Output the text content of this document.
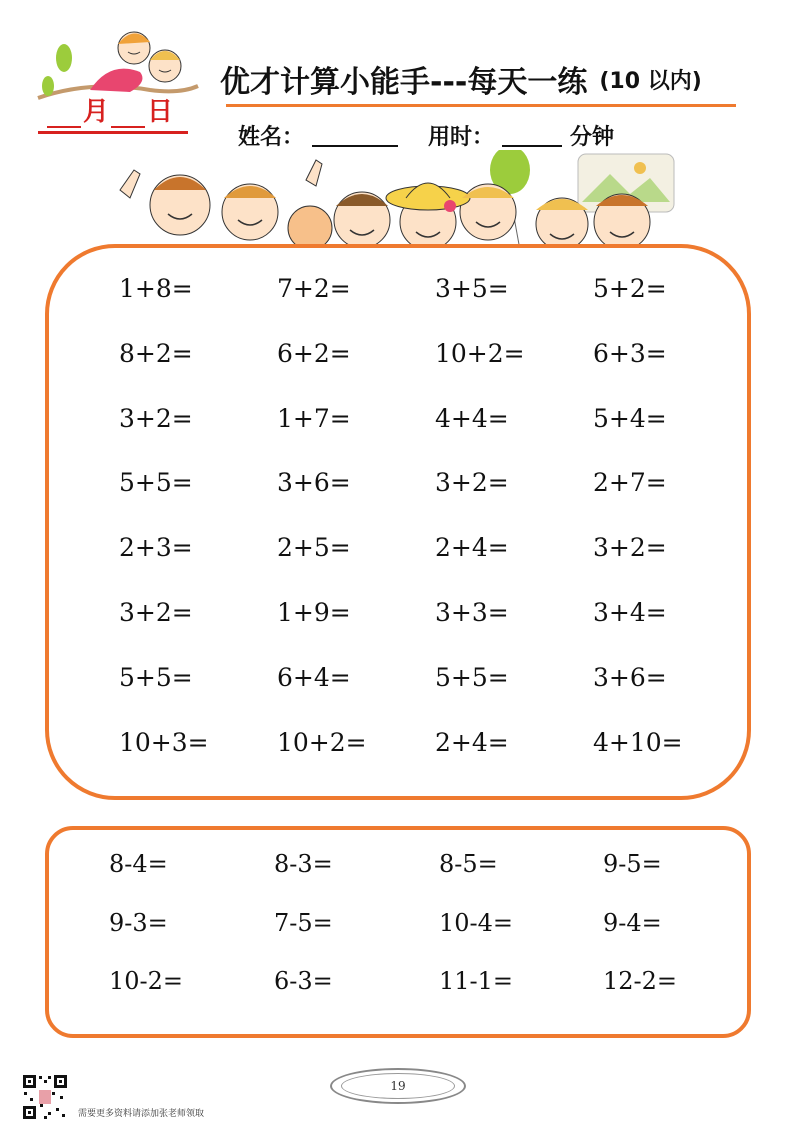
月 日
优才计算小能手---每天一练 (10 以内)
姓名：	用时：	分钟
1+8=	7+2=	3+5=	5+2=
8+2=	6+2=	10+2=	6+3=
3+2=	1+7=	4+4=	5+4=
5+5=	3+6=	3+2=	2+7=
2+3=	2+5=	2+4=	3+2=
3+2=	1+9=	3+3=	3+4=
5+5=	6+4=	5+5=	3+6=
10+3=	10+2=	2+4=	4+10=
8-4=	8-3=	8-5=	9-5=
9-3=	7-5=	10-4=	9-4=
10-2=	6-3=	11-1=	12-2=
需要更多资料请添加张老师领取
19
